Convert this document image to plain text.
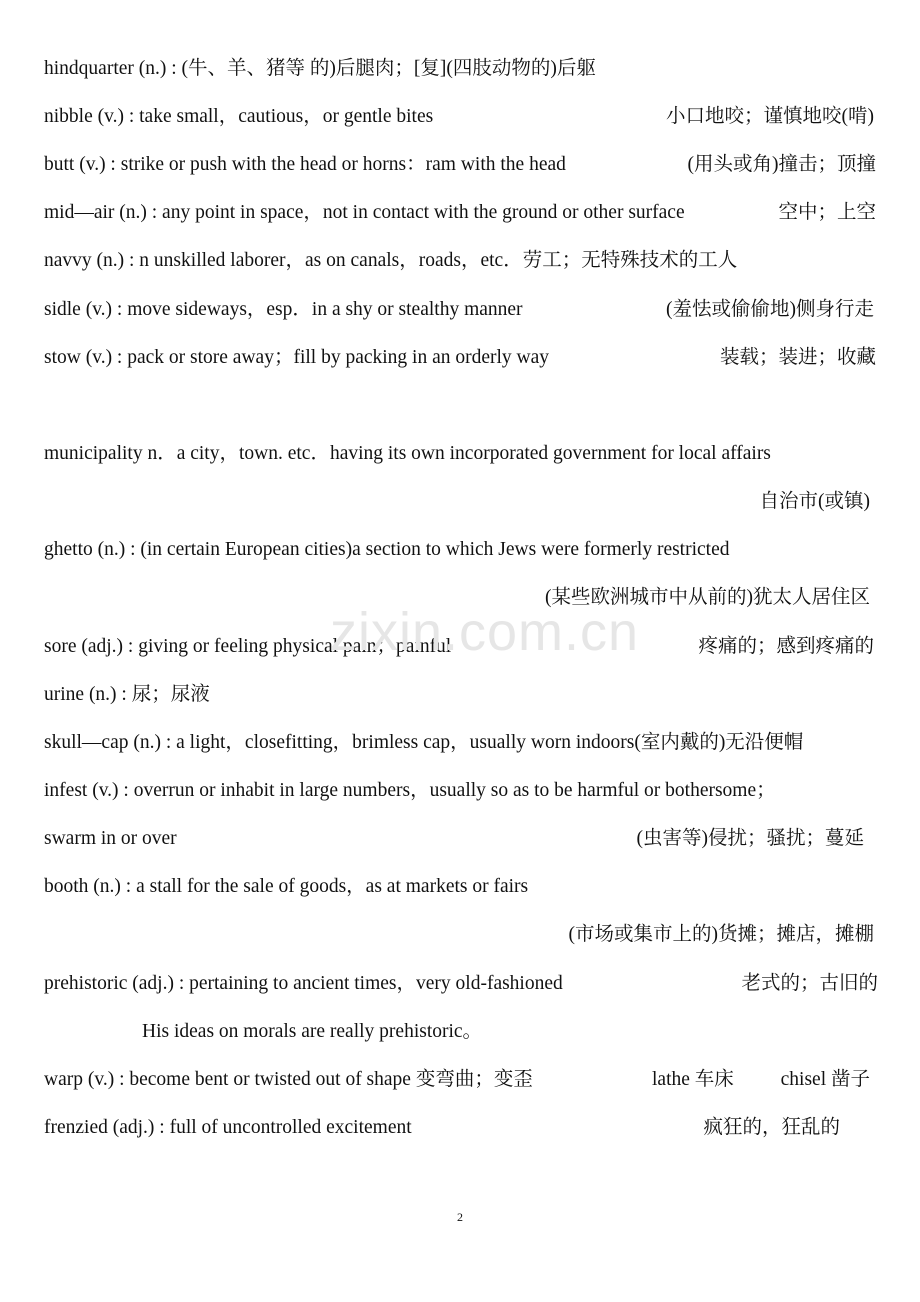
hindquarter (n.) : (牛、羊、猪等 的)后腿肉；[复](四肢动物的)后躯
nibble (v.) : take small，cautious，or gentle bites	小口地咬；谨慎地咬(啃)
butt (v.) : strike or push with the head or horns：ram with the head	(用头或角)撞击；顶撞
mid—air (n.) : any point in space，not in contact with the ground or other surface	空中；上空
navvy (n.) : n unskilled laborer，as on canals，roads，etc．劳工；无特殊技术的工人
sidle (v.) : move sideways，esp．in a shy or stealthy manner	(羞怯或偷偷地)侧身行走
stow (v.) : pack or store away；fill by packing in an orderly way	装载；装进；收藏
municipality n．a city，town. etc．having its own incorporated government for local affairs
自治市(或镇)
ghetto (n.) : (in certain European cities)a section to which Jews were formerly restricted
(某些欧洲城市中从前的)犹太人居住区
sore (adj.) : giving or feeling physical pain；painful	疼痛的；感到疼痛的
urine (n.) : 尿；尿液
skull—cap (n.) : a light，closefitting，brimless cap，usually worn indoors(室内戴的)无沿便帽
infest (v.) : overrun or inhabit in large numbers，usually so as to be harmful or bothersome；
swarm in or over	(虫害等)侵扰；骚扰；蔓延
booth (n.) : a stall for the sale of goods，as at markets or fairs
(市场或集市上的)货摊；摊店，摊棚
prehistoric (adj.) : pertaining to ancient times，very old-fashioned	老式的；古旧的
His ideas on morals are really prehistoric。
warp (v.) : become bent or twisted out of shape 变弯曲；变歪	lathe 车床 chisel 凿子
frenzied (adj.) : full of uncontrolled excitement	疯狂的，狂乱的
zixin.com.cn
2
